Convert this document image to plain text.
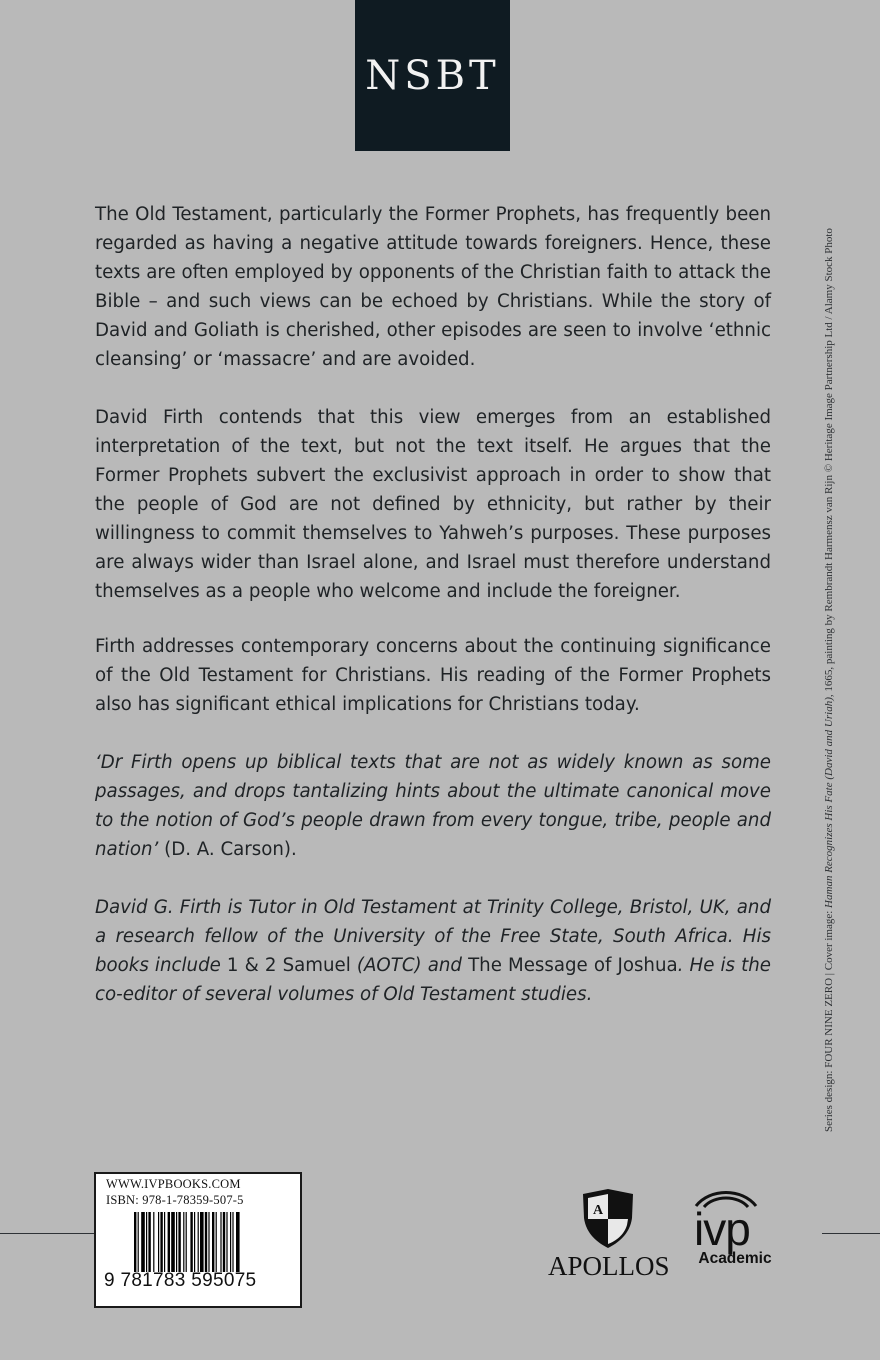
NSBT

The Old Testament, particularly the Former Prophets, has frequently been regarded as having a negative attitude towards foreigners. Hence, these texts are often employed by opponents of the Christian faith to attack the Bible – and such views can be echoed by Christians. While the story of David and Goliath is cherished, other episodes are seen to involve ‘ethnic cleansing’ or ‘massacre’ and are avoided.

David Firth contends that this view emerges from an established interpretation of the text, but not the text itself. He argues that the Former Prophets subvert the exclusivist approach in order to show that the people of God are not defined by ethnicity, but rather by their willingness to commit themselves to Yahweh’s purposes. These purposes are always wider than Israel alone, and Israel must therefore understand themselves as a people who welcome and include the foreigner.

Firth addresses contemporary concerns about the continuing significance of the Old Testament for Christians. His reading of the Former Prophets also has significant ethical implications for Christians today.

‘Dr Firth opens up biblical texts that are not as widely known as some passages, and drops tantalizing hints about the ultimate canonical move to the notion of God’s people drawn from every tongue, tribe, people and nation’ (D. A. Carson).

David G. Firth is Tutor in Old Testament at Trinity College, Bristol, UK, and a research fellow of the University of the Free State, South Africa. His books include 1 & 2 Samuel (AOTC) and The Message of Joshua. He is the co-editor of several volumes of Old Testament studies.	Series design: FOUR NINE ZERO | Cover image: Haman Recognizes His Fate (David and Uriah), 1665, painting by Rembrandt Harmensz van Rijn © Heritage Image Partnership Ltd / Alamy Stock Photo
WWW.IVPBOOKS.COM
ISBN: 978-1-78359-507-5
9 781783 595075
A
APOLLOS
ivp
Academic
